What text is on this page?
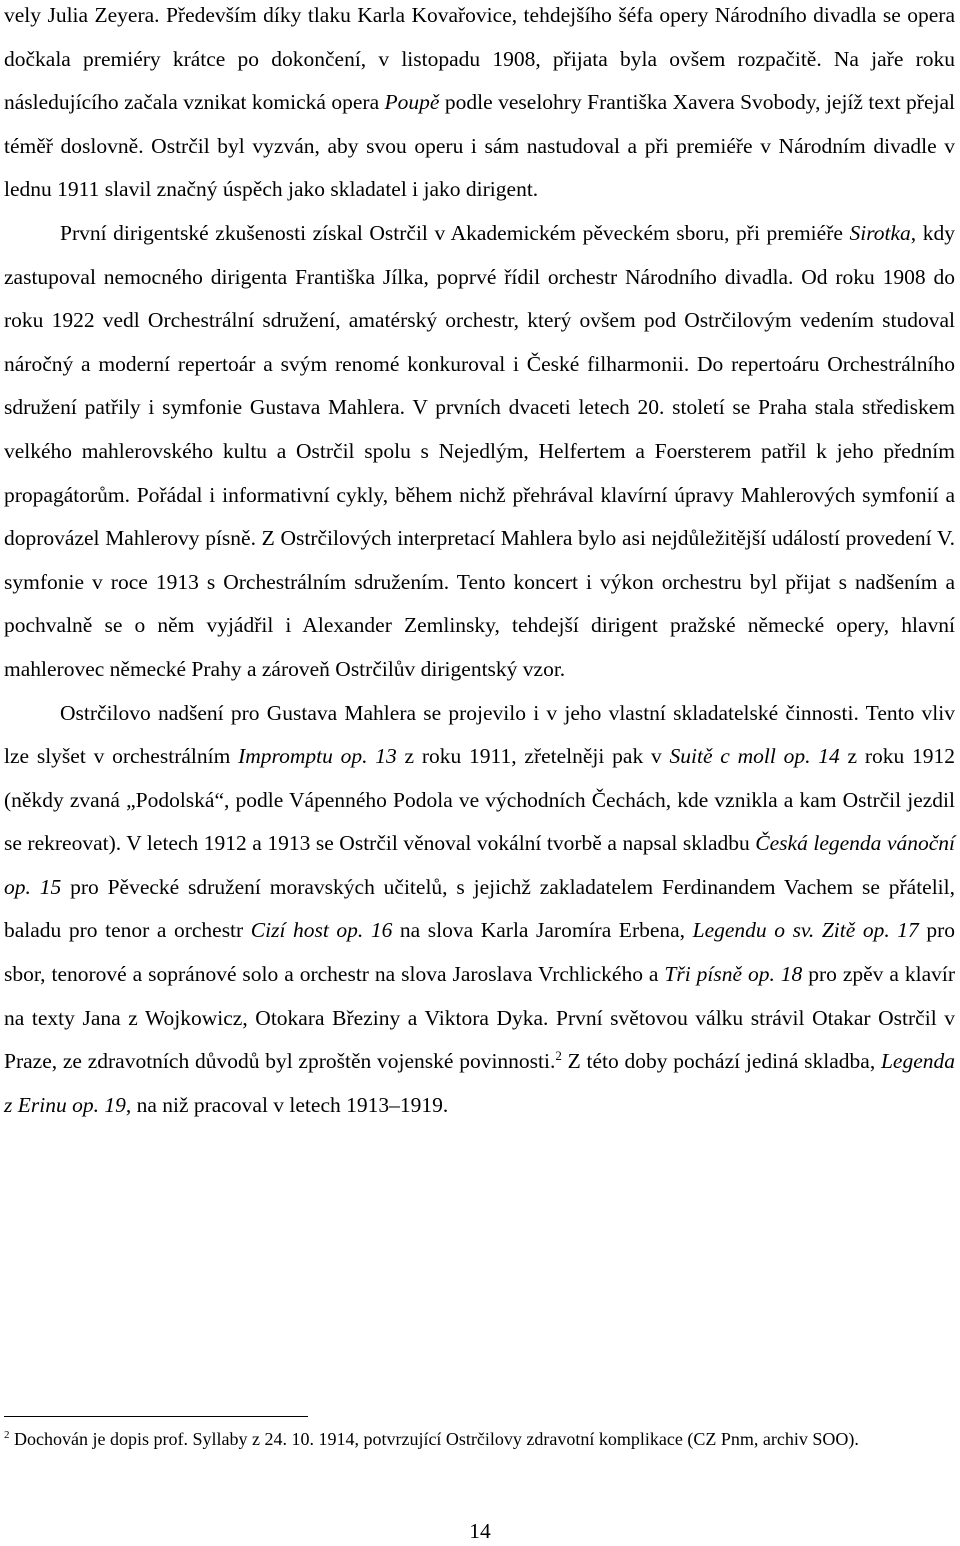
vely Julia Zeyera. Především díky tlaku Karla Kovařovice, tehdejšího šéfa opery Národního divadla se opera dočkala premiéry krátce po dokončení, v listopadu 1908, přijata byla ovšem rozpačitě. Na jaře roku následujícího začala vznikat komická opera Poupě podle veselohry Františka Xavera Svobody, jejíž text přejal téměř doslovně. Ostrčil byl vyzván, aby svou operu i sám nastudoval a při premiéře v Národním divadle v lednu 1911 slavil značný úspěch jako skladatel i jako dirigent.

První dirigentské zkušenosti získal Ostrčil v Akademickém pěveckém sboru, při premiéře Sirotka, kdy zastupoval nemocného dirigenta Františka Jílka, poprvé řídil orchestr Národního divadla. Od roku 1908 do roku 1922 vedl Orchestrální sdružení, amatérský orchestr, který ovšem pod Ostrčilovým vedením studoval náročný a moderní repertoár a svým renomé konkuroval i České filharmonii. Do repertoáru Orchestrálního sdružení patřily i symfonie Gustava Mahlera. V prvních dvaceti letech 20. století se Praha stala střediskem velkého mahlerovského kultu a Ostrčil spolu s Nejedlým, Helfertem a Foersterem patřil k jeho předním propagátorům. Pořádal i informativní cykly, během nichž přehrával klavírní úpravy Mahlerových symfonií a doprovázel Mahlerovy písně. Z Ostrčilových interpretací Mahlera bylo asi nejdůležitější událostí provedení V. symfonie v roce 1913 s Orchestrálním sdružením. Tento koncert i výkon orchestru byl přijat s nadšením a pochvalně se o něm vyjádřil i Alexander Zemlinsky, tehdejší dirigent pražské německé opery, hlavní mahlerovec německé Prahy a zároveň Ostrčilův dirigentský vzor.

Ostrčilovo nadšení pro Gustava Mahlera se projevilo i v jeho vlastní skladatelské činnosti. Tento vliv lze slyšet v orchestrálním Impromptu op. 13 z roku 1911, zřetelněji pak v Suitě c moll op. 14 z roku 1912 (někdy zvaná „Podolská“, podle Vápenného Podola ve východních Čechách, kde vznikla a kam Ostrčil jezdil se rekreovat). V letech 1912 a 1913 se Ostrčil věnoval vokální tvorbě a napsal skladbu Česká legenda vánoční op. 15 pro Pěvecké sdružení moravských učitelů, s jejichž zakladatelem Ferdinandem Vachem se přátelil, baladu pro tenor a orchestr Cizí host op. 16 na slova Karla Jaromíra Erbena, Legendu o sv. Zitě op. 17 pro sbor, tenorové a sopránové solo a orchestr na slova Jaroslava Vrchlického a Tři písně op. 18 pro zpěv a klavír na texty Jana z Wojkowicz, Otokara Březiny a Viktora Dyka. První světovou válku strávil Otakar Ostrčil v Praze, ze zdravotních důvodů byl zproštěn vojenské povinnosti.$^2$ Z této doby pochází jediná skladba, Legenda z Erinu op. 19, na niž pracoval v letech 1913–1919.

$^2$ Dochován je dopis prof. Syllaby z 24. 10. 1914, potvrzující Ostrčilovy zdravotní komplikace (CZ Pnm, archiv SOO).
14
